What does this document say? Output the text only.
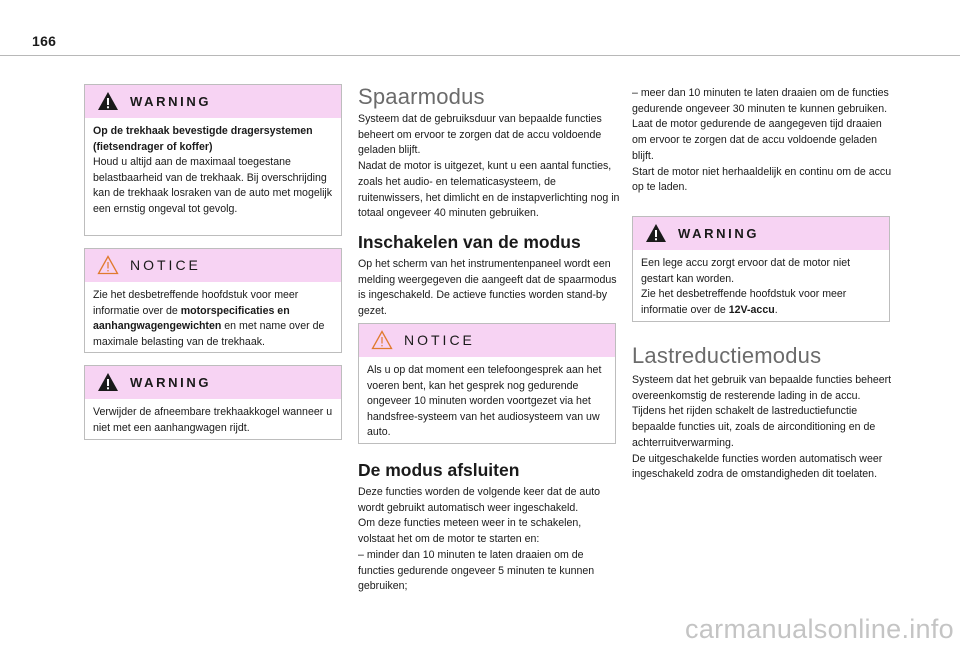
166
WARNING

Op de trekhaak bevestigde dragersystemen (fietsendrager of koffer)

Houd u altijd aan de maximaal toegestane belastbaarheid van de trekhaak. Bij overschrijding kan de trekhaak losraken van de auto met mogelijk een ernstig ongeval tot gevolg.

NOTICE

Zie het desbetreffende hoofdstuk voor meer informatie over de motorspecificaties en aanhangwagengewichten en met name over de maximale belasting van de trekhaak.

WARNING

Verwijder de afneembare trekhaakkogel wanneer u niet met een aanhangwagen rijdt.

Spaarmodus

Systeem dat de gebruiksduur van bepaalde functies beheert om ervoor te zorgen dat de accu voldoende geladen blijft.

Nadat de motor is uitgezet, kunt u een aantal functies, zoals het audio- en telematicasysteem, de ruitenwissers, het dimlicht en de instapverlichting nog in totaal ongeveer 40 minuten gebruiken.

Inschakelen van de modus

Op het scherm van het instrumentenpaneel wordt een melding weergegeven die aangeeft dat de spaarmodus is ingeschakeld. De actieve functies worden stand-by gezet.

NOTICE

Als u op dat moment een telefoongesprek aan het voeren bent, kan het gesprek nog gedurende ongeveer 10 minuten worden voortgezet via het handsfree-systeem van het audiosysteem van uw auto.

De modus afsluiten

Deze functies worden de volgende keer dat de auto wordt gebruikt automatisch weer ingeschakeld.

Om deze functies meteen weer in te schakelen, volstaat het om de motor te starten en:

– minder dan 10 minuten te laten draaien om de functies gedurende ongeveer 5 minuten te kunnen gebruiken;

– meer dan 10 minuten te laten draaien om de functies gedurende ongeveer 30 minuten te kunnen gebruiken.

Laat de motor gedurende de aangegeven tijd draaien om ervoor te zorgen dat de accu voldoende geladen blijft.

Start de motor niet herhaaldelijk en continu om de accu op te laden.

WARNING

Een lege accu zorgt ervoor dat de motor niet gestart kan worden.

Zie het desbetreffende hoofdstuk voor meer informatie over de 12V-accu.

Lastreductiemodus

Systeem dat het gebruik van bepaalde functies beheert overeenkomstig de resterende lading in de accu.

Tijdens het rijden schakelt de lastreductiefunctie bepaalde functies uit, zoals de airconditioning en de achterruitverwarming.

De uitgeschakelde functies worden automatisch weer ingeschakeld zodra de omstandigheden dit toelaten.

carmanualsonline.info
